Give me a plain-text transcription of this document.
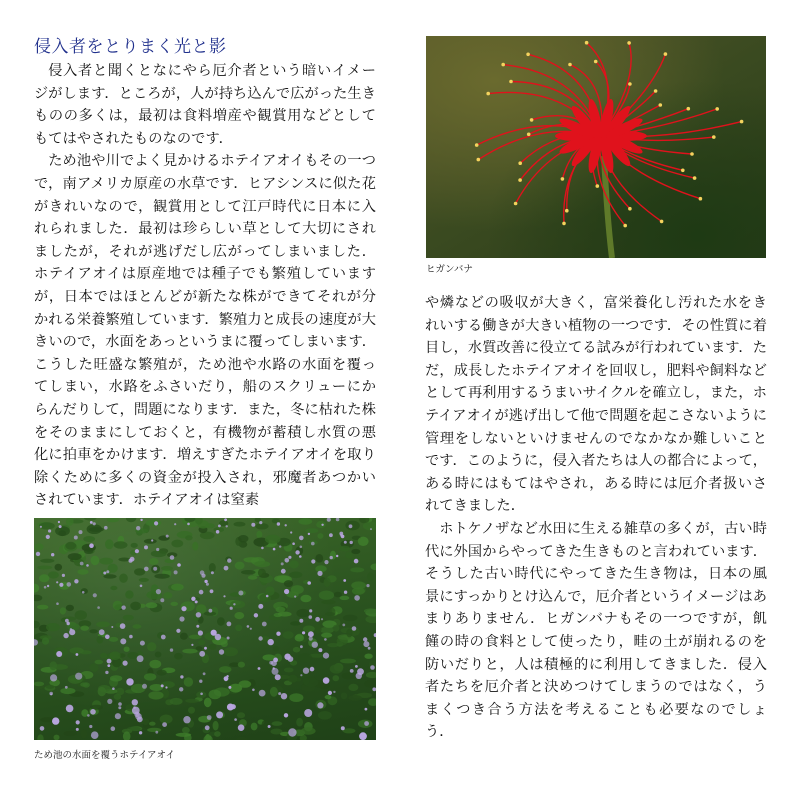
侵入者をとりまく光と影

侵入者と聞くとなにやら厄介者という暗いイメージがします．ところが，人が持ち込んで広がった生きものの多くは，最初は食料増産や観賞用などとしてもてはやされたものなのです．

ため池や川でよく見かけるホテイアオイもその一つで，南アメリカ原産の水草です．ヒアシンスに似た花がきれいなので，観賞用として江戸時代に日本に入れられました．最初は珍らしい草として大切にされましたが，それが逃げだし広がってしまいました．ホテイアオイは原産地では種子でも繁殖していますが，日本ではほとんどが新たな株ができてそれが分かれる栄養繁殖しています．繁殖力と成長の速度が大きいので，水面をあっというまに覆ってしまいます．こうした旺盛な繁殖が，ため池や水路の水面を覆ってしまい，水路をふさいだり，船のスクリューにからんだりして，問題になります．また，冬に枯れた株をそのままにしておくと，有機物が蓄積し水質の悪化に拍車をかけます．増えすぎたホテイアオイを取り除くために多くの資金が投入され，邪魔者あつかいされています．ホテイアオイは窒素

や燐などの吸収が大きく，富栄養化し汚れた水をきれいする働きが大きい植物の一つです．その性質に着目し，水質改善に役立てる試みが行われています．ただ，成長したホテイアオイを回収し，肥料や飼料などとして再利用するうまいサイクルを確立し，また，ホテイアオイが逃げ出して他で問題を起こさないように管理をしないといけませんのでなかなか難しいことです．このように，侵入者たちは人の都合によって，ある時にはもてはやされ，ある時には厄介者扱いされてきました．

ホトケノザなど水田に生える雑草の多くが，古い時代に外国からやってきた生きものと言われています．そうした古い時代にやってきた生き物は，日本の風景にすっかりとけ込んで，厄介者というイメージはあまりありません．ヒガンバナもその一つですが，飢饉の時の食料として使ったり，畦の土が崩れるのを防いだりと，人は積極的に利用してきました．侵入者たちを厄介者と決めつけてしまうのではなく，うまくつき合う方法を考えることも必要なのでしょう．

ため池の水面を覆うホテイアオイ

ヒガンバナ
